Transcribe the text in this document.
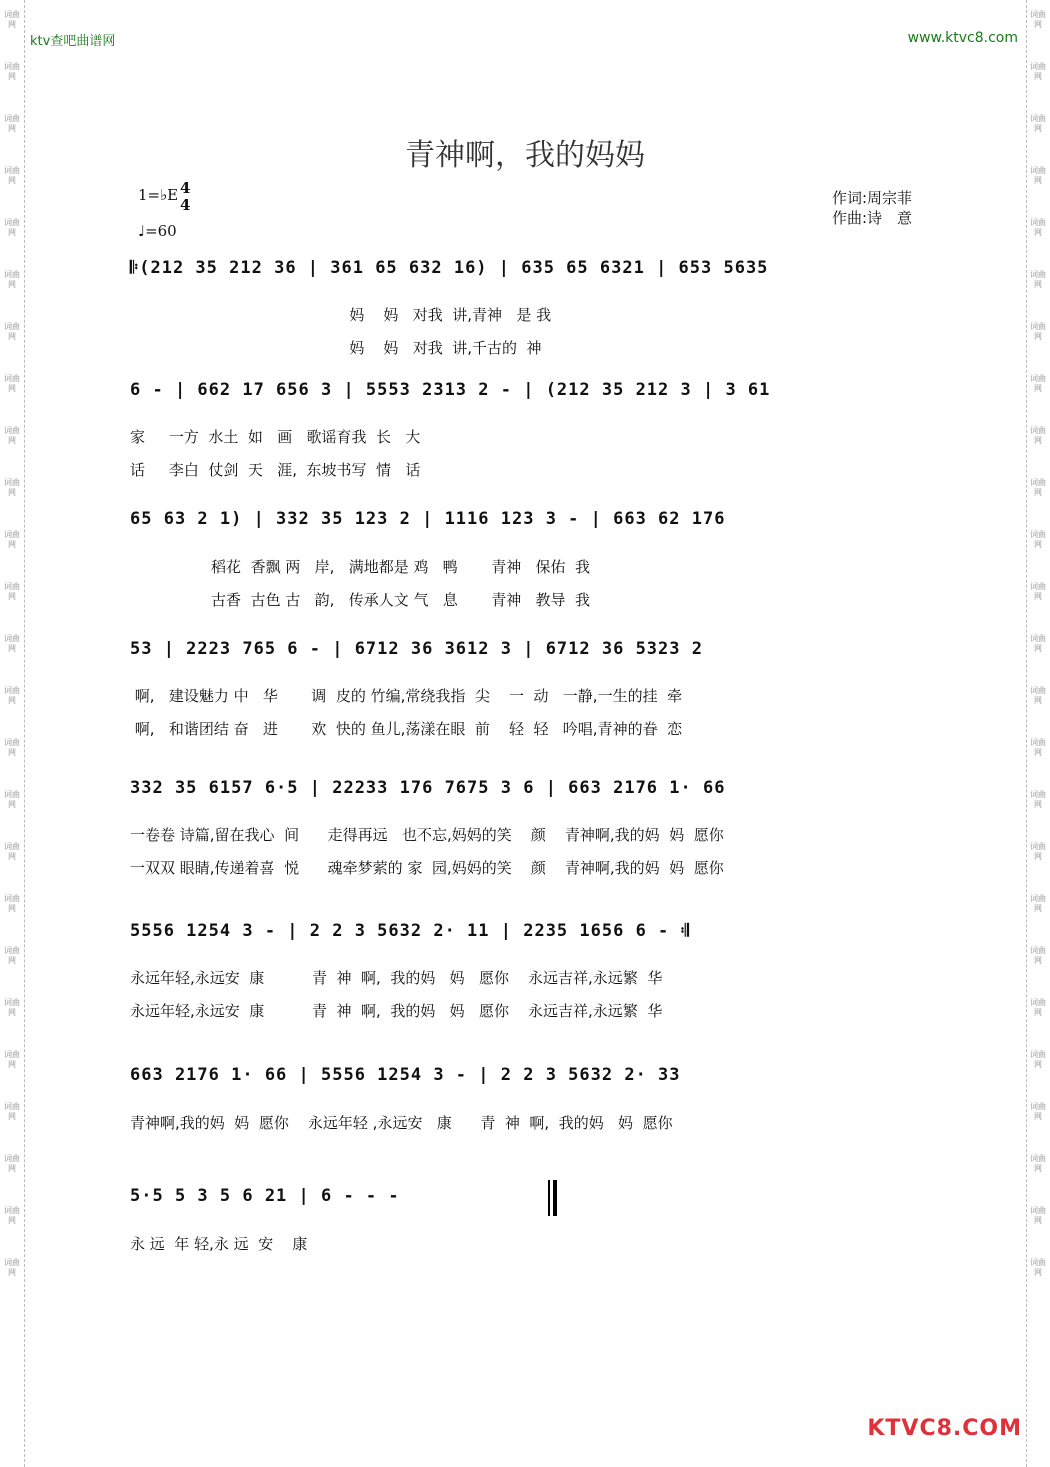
词曲网
词曲网
词曲网
词曲网
词曲网
词曲网
词曲网
词曲网
词曲网
词曲网
词曲网
词曲网
词曲网
词曲网
词曲网
词曲网
词曲网
词曲网
词曲网
词曲网
词曲网
词曲网
词曲网
词曲网
词曲网
词曲网
词曲网
词曲网
词曲网
词曲网
词曲网
词曲网
词曲网
词曲网
词曲网
词曲网
词曲网
词曲网
词曲网
词曲网
词曲网
词曲网
词曲网
词曲网
词曲网
词曲网
词曲网
词曲网
词曲网
词曲网
ktv查吧曲谱网	www.ktvc8.com
青神啊，我的妈妈
1=♭E 4
4
♩=60
作词:周宗菲
作曲:诗　意
𝄆(212 35 212 36 | 361 65 632 16) | 635 65 6321 | 653 5635
妈    妈   对我  讲,青神   是 我
妈    妈   对我  讲,千古的  神
6 - | 662 17 656 3 | 5553 2313 2 - | (212 35 212 3 | 3 61
家     一方  水土  如   画   歌谣育我  长   大
话     李白  仗剑  天   涯,  东坡书写  情   话
65 63 2 1) | 332 35 123 2 | 1116 123 3 - | 663 62 176
稻花  香飘 两   岸,   满地都是 鸡   鸭       青神   保佑  我
古香  古色 古   韵,   传承人文 气   息       青神   教导  我
53 | 2223 765 6 - | 6712 36 3612 3 | 6712 36 5323 2
啊,   建设魅力 中   华       调  皮的 竹编,常绕我指  尖    一  动   一静,一生的挂  牵
啊,   和谐团结 奋   进       欢  快的 鱼儿,荡漾在眼  前    轻  轻   吟唱,青神的眷  恋
332 35 6157 6·5 | 22233 176 7675 3 6 | 663 2176 1· 66
一卷卷 诗篇,留在我心  间      走得再远   也不忘,妈妈的笑    颜    青神啊,我的妈  妈  愿你
一双双 眼睛,传递着喜  悦      魂牵梦萦的 家  园,妈妈的笑    颜    青神啊,我的妈  妈  愿你
5556 1254 3 - | 2 2 3 5632 2· 11 | 2235 1656 6 - 𝄇
永远年轻,永远安  康          青  神  啊,  我的妈   妈   愿你    永远吉祥,永远繁  华
永远年轻,永远安  康          青  神  啊,  我的妈   妈   愿你    永远吉祥,永远繁  华
663 2176 1· 66 | 5556 1254 3 - | 2 2 3 5632 2· 33
青神啊,我的妈  妈  愿你    永远年轻 ,永远安   康      青  神  啊,  我的妈   妈  愿你
5·5 5 3 5 6 21 | 6 - - -
永 远  年 轻,永 远  安    康
KTVC8.COM
